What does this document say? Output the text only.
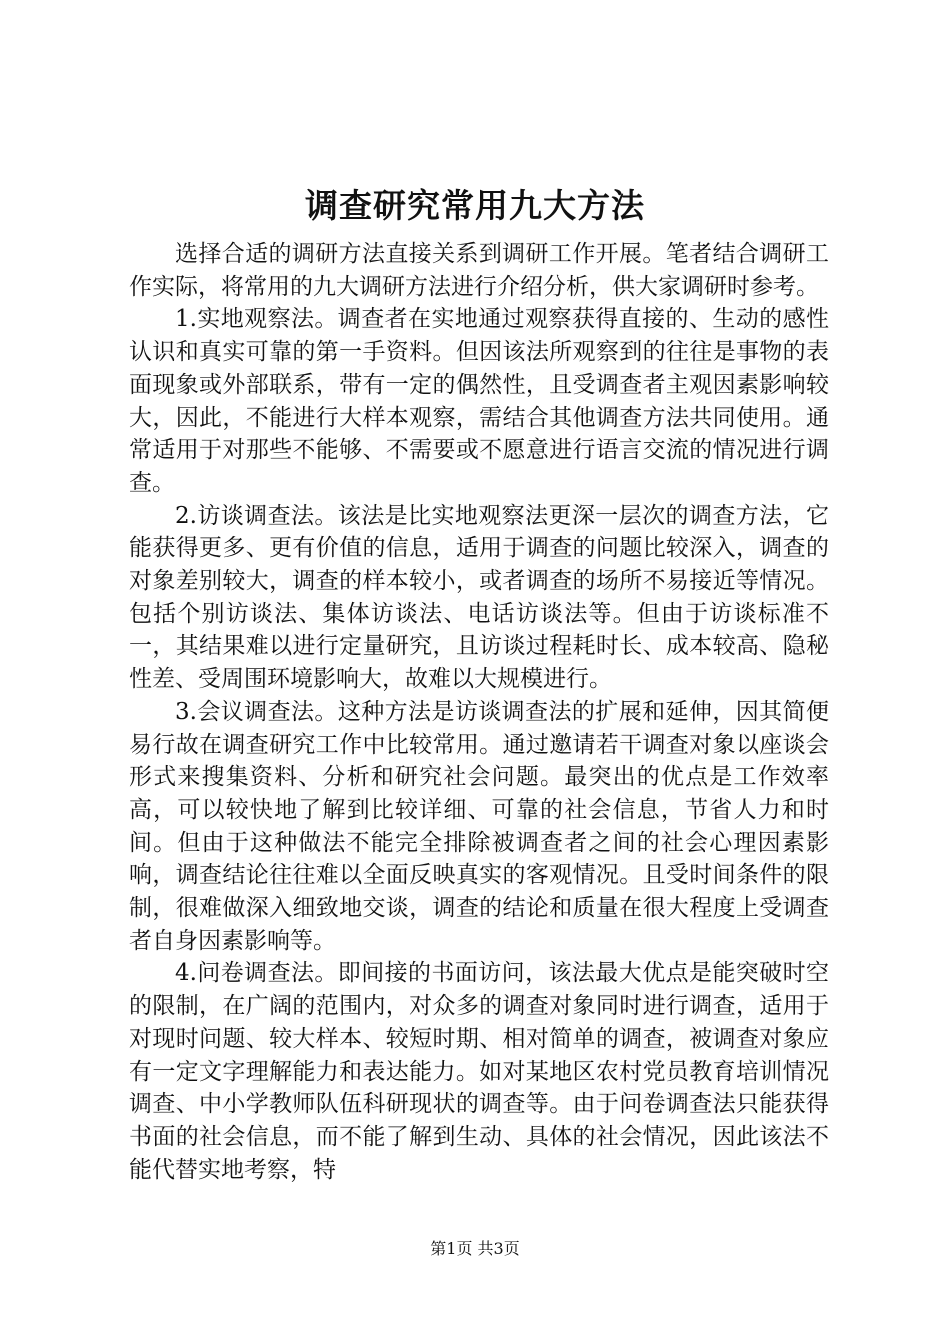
调查研究常用九大方法

选择合适的调研方法直接关系到调研工作开展。笔者结合调研工作实际，将常用的九大调研方法进行介绍分析，供大家调研时参考。

1.实地观察法。调查者在实地通过观察获得直接的、生动的感性认识和真实可靠的第一手资料。但因该法所观察到的往往是事物的表面现象或外部联系，带有一定的偶然性，且受调查者主观因素影响较大，因此，不能进行大样本观察，需结合其他调查方法共同使用。通常适用于对那些不能够、不需要或不愿意进行语言交流的情况进行调查。

2.访谈调查法。该法是比实地观察法更深一层次的调查方法，它能获得更多、更有价值的信息，适用于调查的问题比较深入，调查的对象差别较大，调查的样本较小，或者调查的场所不易接近等情况。包括个别访谈法、集体访谈法、电话访谈法等。但由于访谈标准不一，其结果难以进行定量研究，且访谈过程耗时长、成本较高、隐秘性差、受周围环境影响大，故难以大规模进行。

3.会议调查法。这种方法是访谈调查法的扩展和延伸，因其简便易行故在调查研究工作中比较常用。通过邀请若干调查对象以座谈会形式来搜集资料、分析和研究社会问题。最突出的优点是工作效率高，可以较快地了解到比较详细、可靠的社会信息，节省人力和时间。但由于这种做法不能完全排除被调查者之间的社会心理因素影响，调查结论往往难以全面反映真实的客观情况。且受时间条件的限制，很难做深入细致地交谈，调查的结论和质量在很大程度上受调查者自身因素影响等。

4.问卷调查法。即间接的书面访问，该法最大优点是能突破时空的限制，在广阔的范围内，对众多的调查对象同时进行调查，适用于对现时问题、较大样本、较短时期、相对简单的调查，被调查对象应有一定文字理解能力和表达能力。如对某地区农村党员教育培训情况调查、中小学教师队伍科研现状的调查等。由于问卷调查法只能获得书面的社会信息，而不能了解到生动、具体的社会情况，因此该法不能代替实地考察，特

第1页 共3页
